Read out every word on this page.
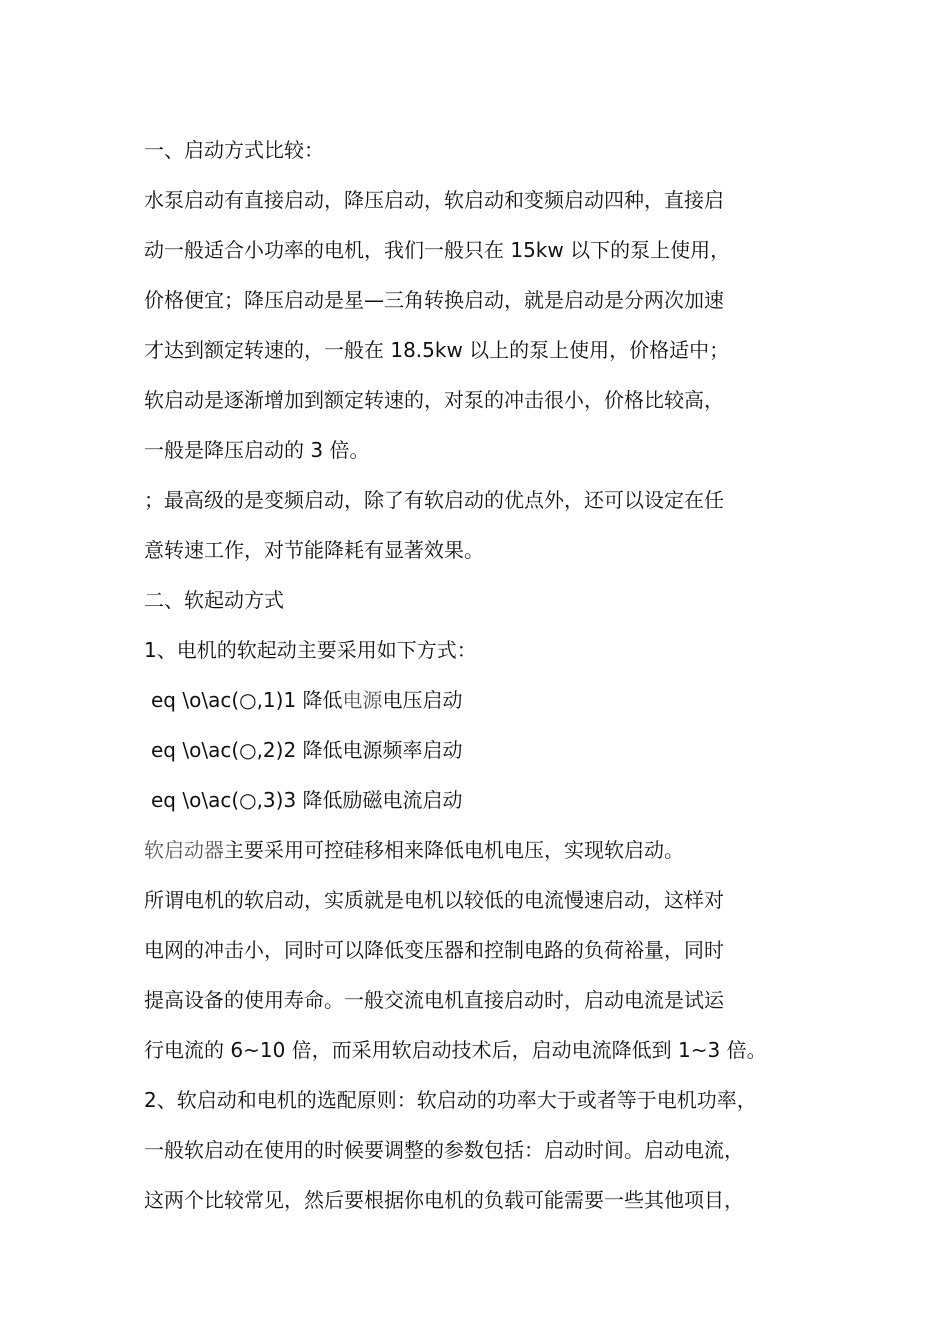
一、启动方式比较：
水泵启动有直接启动，降压启动，软启动和变频启动四种，直接启
动一般适合小功率的电机，我们一般只在 15kw 以下的泵上使用，
价格便宜；降压启动是星—三角转换启动，就是启动是分两次加速
才达到额定转速的，一般在 18.5kw 以上的泵上使用，价格适中；
软启动是逐渐增加到额定转速的，对泵的冲击很小，价格比较高，
一般是降压启动的 3 倍。
；最高级的是变频启动，除了有软启动的优点外，还可以设定在任
意转速工作，对节能降耗有显著效果。
二、软起动方式
1、电机的软起动主要采用如下方式：
eq \o\ac(○,1)1 降低电源电压启动
eq \o\ac(○,2)2 降低电源频率启动
eq \o\ac(○,3)3 降低励磁电流启动
软启动器主要采用可控硅移相来降低电机电压，实现软启动。
所谓电机的软启动，实质就是电机以较低的电流慢速启动，这样对
电网的冲击小，同时可以降低变压器和控制电路的负荷裕量，同时
提高设备的使用寿命。一般交流电机直接启动时，启动电流是试运
行电流的 6~10 倍，而采用软启动技术后，启动电流降低到 1~3 倍。
2、软启动和电机的选配原则：软启动的功率大于或者等于电机功率，
一般软启动在使用的时候要调整的参数包括：启动时间。启动电流，
这两个比较常见，然后要根据你电机的负载可能需要一些其他项目，
